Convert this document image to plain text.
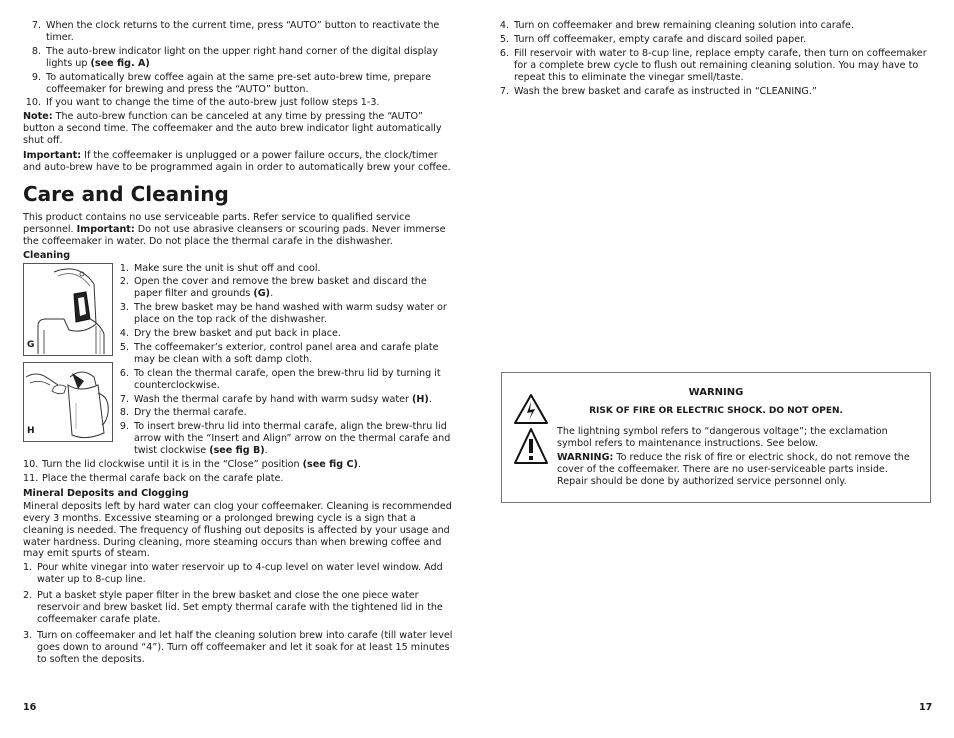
7. When the clock returns to the current time, press “AUTO” button to reactivate the timer.
8. The auto-brew indicator light on the upper right hand corner of the digital display lights up (see fig. A)
9. To automatically brew coffee again at the same pre-set auto-brew time, prepare coffeemaker for brewing and press the “AUTO” button.
10. If you want to change the time of the auto-brew just follow steps 1-3.
Note: The auto-brew function can be canceled at any time by pressing the “AUTO” button a second time. The coffeemaker and the auto brew indicator light automatically shut off.
Important: If the coffeemaker is unplugged or a power failure occurs, the clock/timer and auto-brew have to be programmed again in order to automatically brew your coffee.
Care and Cleaning
This product contains no use serviceable parts. Refer service to qualified service personnel. Important: Do not use abrasive cleansers or scouring pads. Never immerse the coffeemaker in water. Do not place the thermal carafe in the dishwasher.
Cleaning
G
H
1. Make sure the unit is shut off and cool.
2. Open the cover and remove the brew basket and discard the paper filter and grounds (G).
3. The brew basket may be hand washed with warm sudsy water or place on the top rack of the dishwasher.
4. Dry the brew basket and put back in place.
5. The coffeemaker’s exterior, control panel area and carafe plate may be clean with a soft damp cloth.
6. To clean the thermal carafe, open the brew-thru lid by turning it counterclockwise.
7. Wash the thermal carafe by hand with warm sudsy water (H).
8. Dry the thermal carafe.
9. To insert brew-thru lid into thermal carafe, align the brew-thru lid arrow with the “Insert and Align” arrow on the thermal carafe and twist clockwise (see fig B).
10. Turn the lid clockwise until it is in the “Close” position (see fig C).
11. Place the thermal carafe back on the carafe plate.
Mineral Deposits and Clogging
Mineral deposits left by hard water can clog your coffeemaker. Cleaning is recommended every 3 months. Excessive steaming or a prolonged brewing cycle is a sign that a cleaning is needed. The frequency of flushing out deposits is affected by your usage and water hardness. During cleaning, more steaming occurs than when brewing coffee and may emit spurts of steam.
1. Pour white vinegar into water reservoir up to 4-cup level on water level window. Add water up to 8-cup line.
2. Put a basket style paper filter in the brew basket and close the one piece water reservoir and brew basket lid. Set empty thermal carafe with the tightened lid in the coffeemaker carafe plate.
3. Turn on coffeemaker and let half the cleaning solution brew into carafe (till water level goes down to around “4”). Turn off coffeemaker and let it soak for at least 15 minutes to soften the deposits.
16
4. Turn on coffeemaker and brew remaining cleaning solution into carafe.
5. Turn off coffeemaker, empty carafe and discard soiled paper.
6. Fill reservoir with water to 8-cup line, replace empty carafe, then turn on coffeemaker for a complete brew cycle to flush out remaining cleaning solution. You may have to repeat this to eliminate the vinegar smell/taste.
7. Wash the brew basket and carafe as instructed in “CLEANING.”
WARNING
RISK OF FIRE OR ELECTRIC SHOCK. DO NOT OPEN.
The lightning symbol refers to “dangerous voltage”; the exclamation symbol refers to maintenance instructions. See below.
WARNING: To reduce the risk of fire or electric shock, do not remove the cover of the coffeemaker. There are no user-serviceable parts inside. Repair should be done by authorized service personnel only.
17
